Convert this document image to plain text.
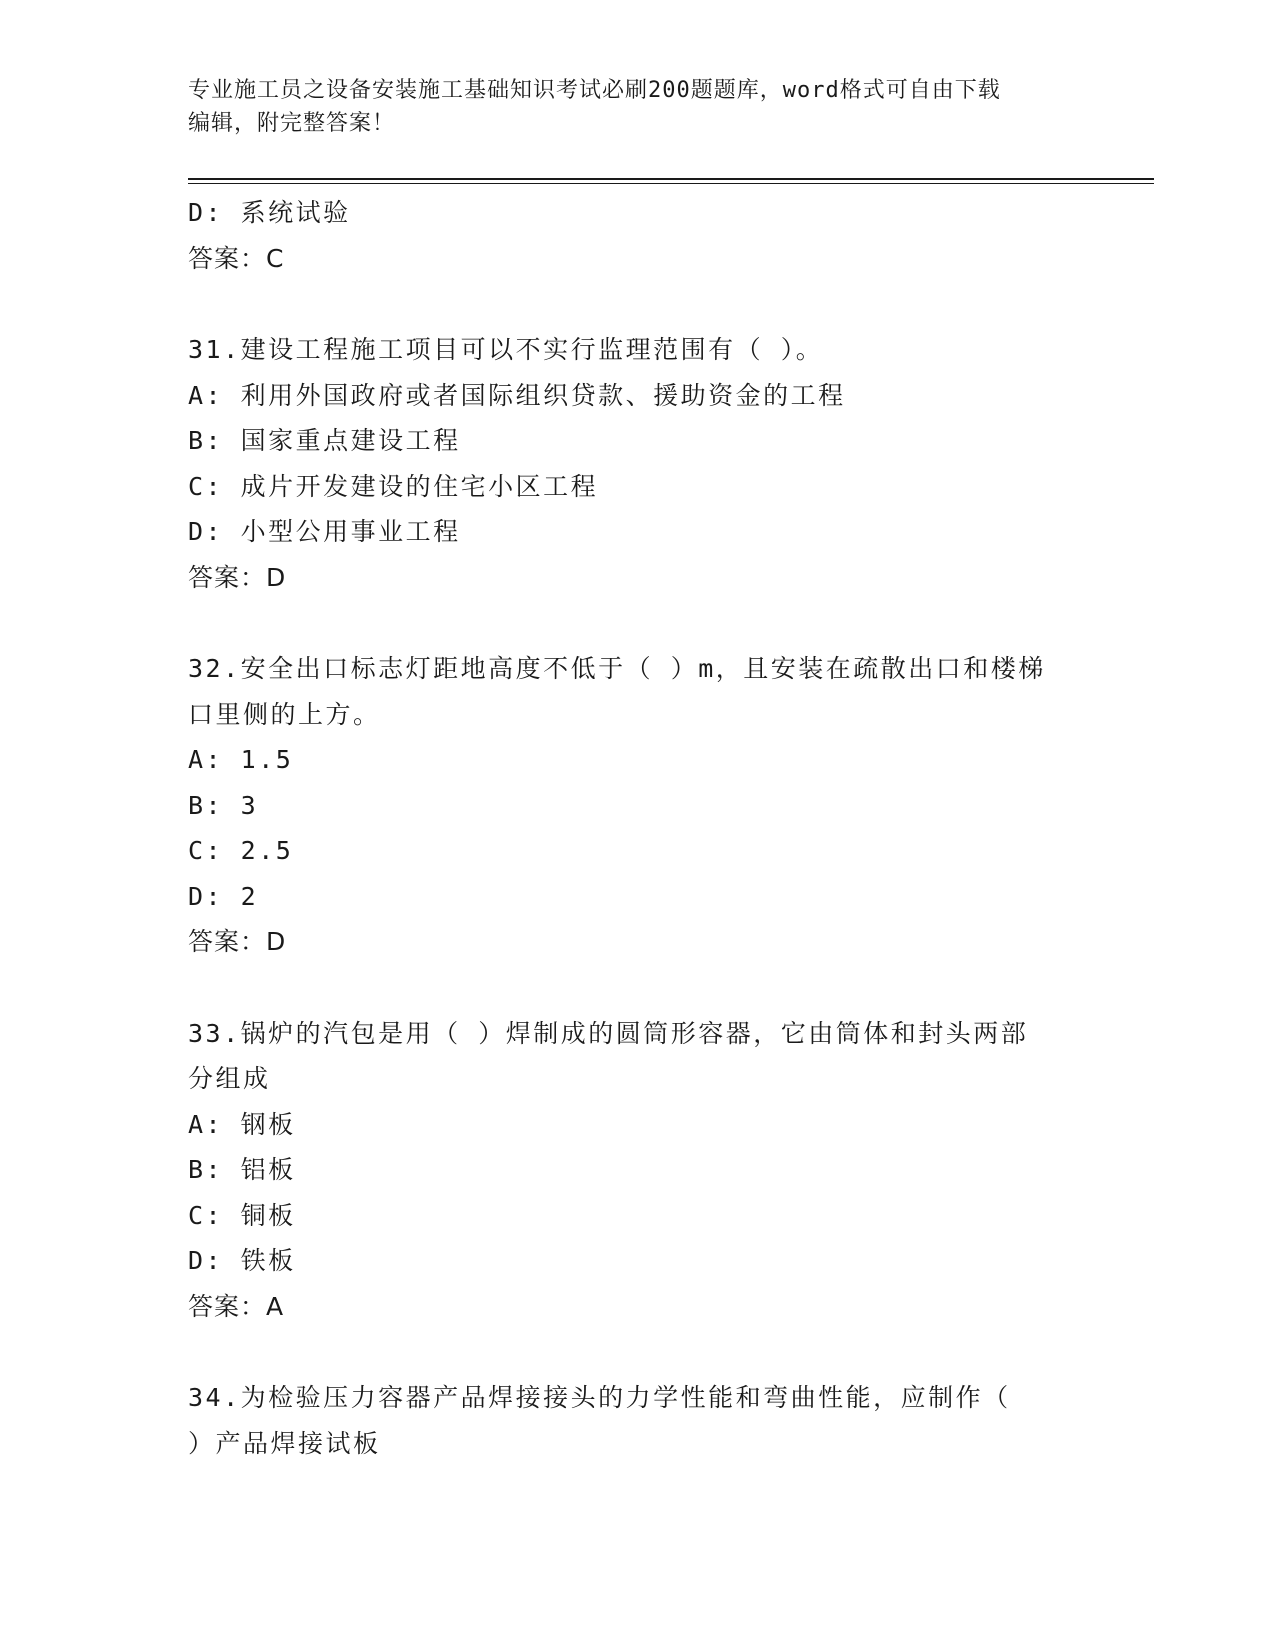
专业施工员之设备安装施工基础知识考试必刷200题题库，word格式可自由下载
编辑，附完整答案！
D: 系统试验
答案：C
31.建设工程施工项目可以不实行监理范围有（ ）。
A: 利用外国政府或者国际组织贷款、援助资金的工程
B: 国家重点建设工程
C: 成片开发建设的住宅小区工程
D: 小型公用事业工程
答案：D
32.安全出口标志灯距地高度不低于（ ）m，且安装在疏散出口和楼梯
口里侧的上方。
A: 1.5
B: 3
C: 2.5
D: 2
答案：D
33.锅炉的汽包是用（ ）焊制成的圆筒形容器，它由筒体和封头两部
分组成
A: 钢板
B: 铝板
C: 铜板
D: 铁板
答案：A
34.为检验压力容器产品焊接接头的力学性能和弯曲性能，应制作（
）产品焊接试板
